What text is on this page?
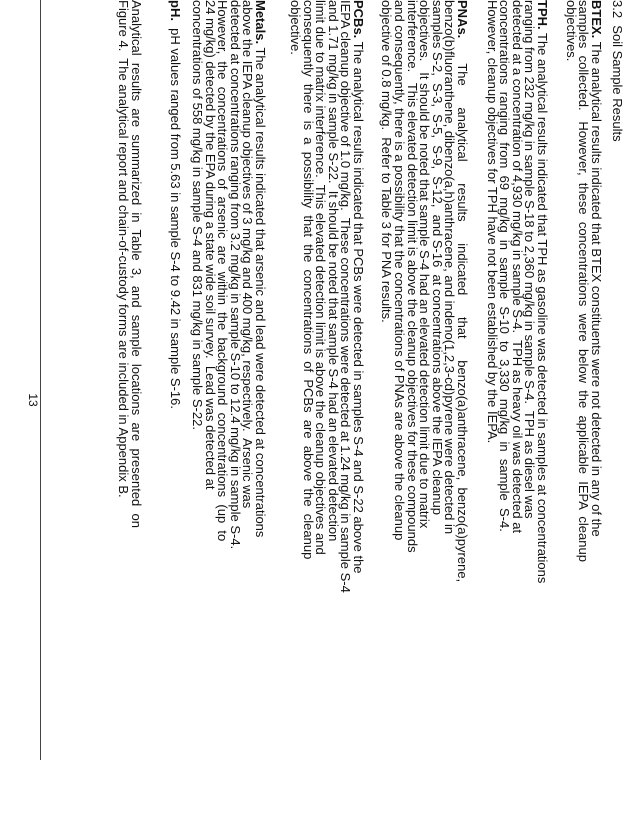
3.2  Soil Sample Results
BTEX. The analytical results indicated that BTEX constituents were not detected in any of the
samples  collected.   However,  these  concentrations  were  below  the  applicable  IEPA  cleanup
objectives.
TPH. The analytical results indicated that TPH as gasoline was detected in samples at concentrations
ranging from 232 mg/kg in sample S-18 to 2,360 mg/kg in sample S-4.  TPH as diesel was
detected at a concentration of 4,930 mg/kg in sample S-4.  TPH as heavy oil was detected at
concentrations  ranging  from  69  mg/kg  in  sample  S-10  to  3,330  mg/kg  in  sample  S-4.
However, cleanup objectives for TPH have not been established by the IEPA.
PNAs.       The      analytical      results      indicated      that      benzo(a)anthracene,  benzo(a)pyrene,
benzo(b)fluoranthene, dibenzo(a,h)anthracene, and indeno(1,2,3-cd)pyrene were detected in
samples S-2,  S-3,  S-5,  S-9,  S-12,  and S-16  at concentrations above the IEPA cleanup
objectives.   It should be noted that sample S-4 had an elevated detection limit due to matrix
interference.   This elevated detection limit is above the cleanup objectives for these compounds
and consequently, there is a possibility that the concentrations of PNAs are above the cleanup
objective of 0.8 mg/kg.  Refer to Table 3 for PNA results.
PCBs. The analytical results indicated that PCBs were detected in samples S-4 and S-22 above the
IEPA cleanup objective of 1.0 mg/kg.  These concentrations were detected at 1.24 mg/kg in sample S-4
and 1.71 mg/kg in sample S-22.  It should be noted that sample S-4 had an elevated detection
limit due to matrix interference.  This elevated detection limit is above the cleanup objectives and
consequently  there  is  a  possibility  that  the  concentrations  of  PCBs  are  above  the  cleanup
objective.
Metals. The analytical results indicated that arsenic and lead were detected at concentrations
above the IEPA cleanup objectives of 3 mg/kg and 400 mg/kg, respectively.  Arsenic was
detected at concentrations ranging from 3.2 mg/kg in sample S-10 to 12.4 mg/kg in sample S-4.
However,  the  concentrations  of  arsenic  are  within  the  background  concentrations  (up  to
24 mg/kg) detected by the EPA during a state wide soil survey.  Lead was detected at
concentrations of 558 mg/kg in sample S-4 and 831 mg/kg in sample S-22.
pH.  pH values ranged from 5.63 in sample S-4 to 9.42 in sample S-16.
Analytical  results  are  summarized  in  Table  3,  and  sample  locations  are  presented  on
Figure 4.  The analytical report and chain-of-custody forms are included in Appendix B.
13
